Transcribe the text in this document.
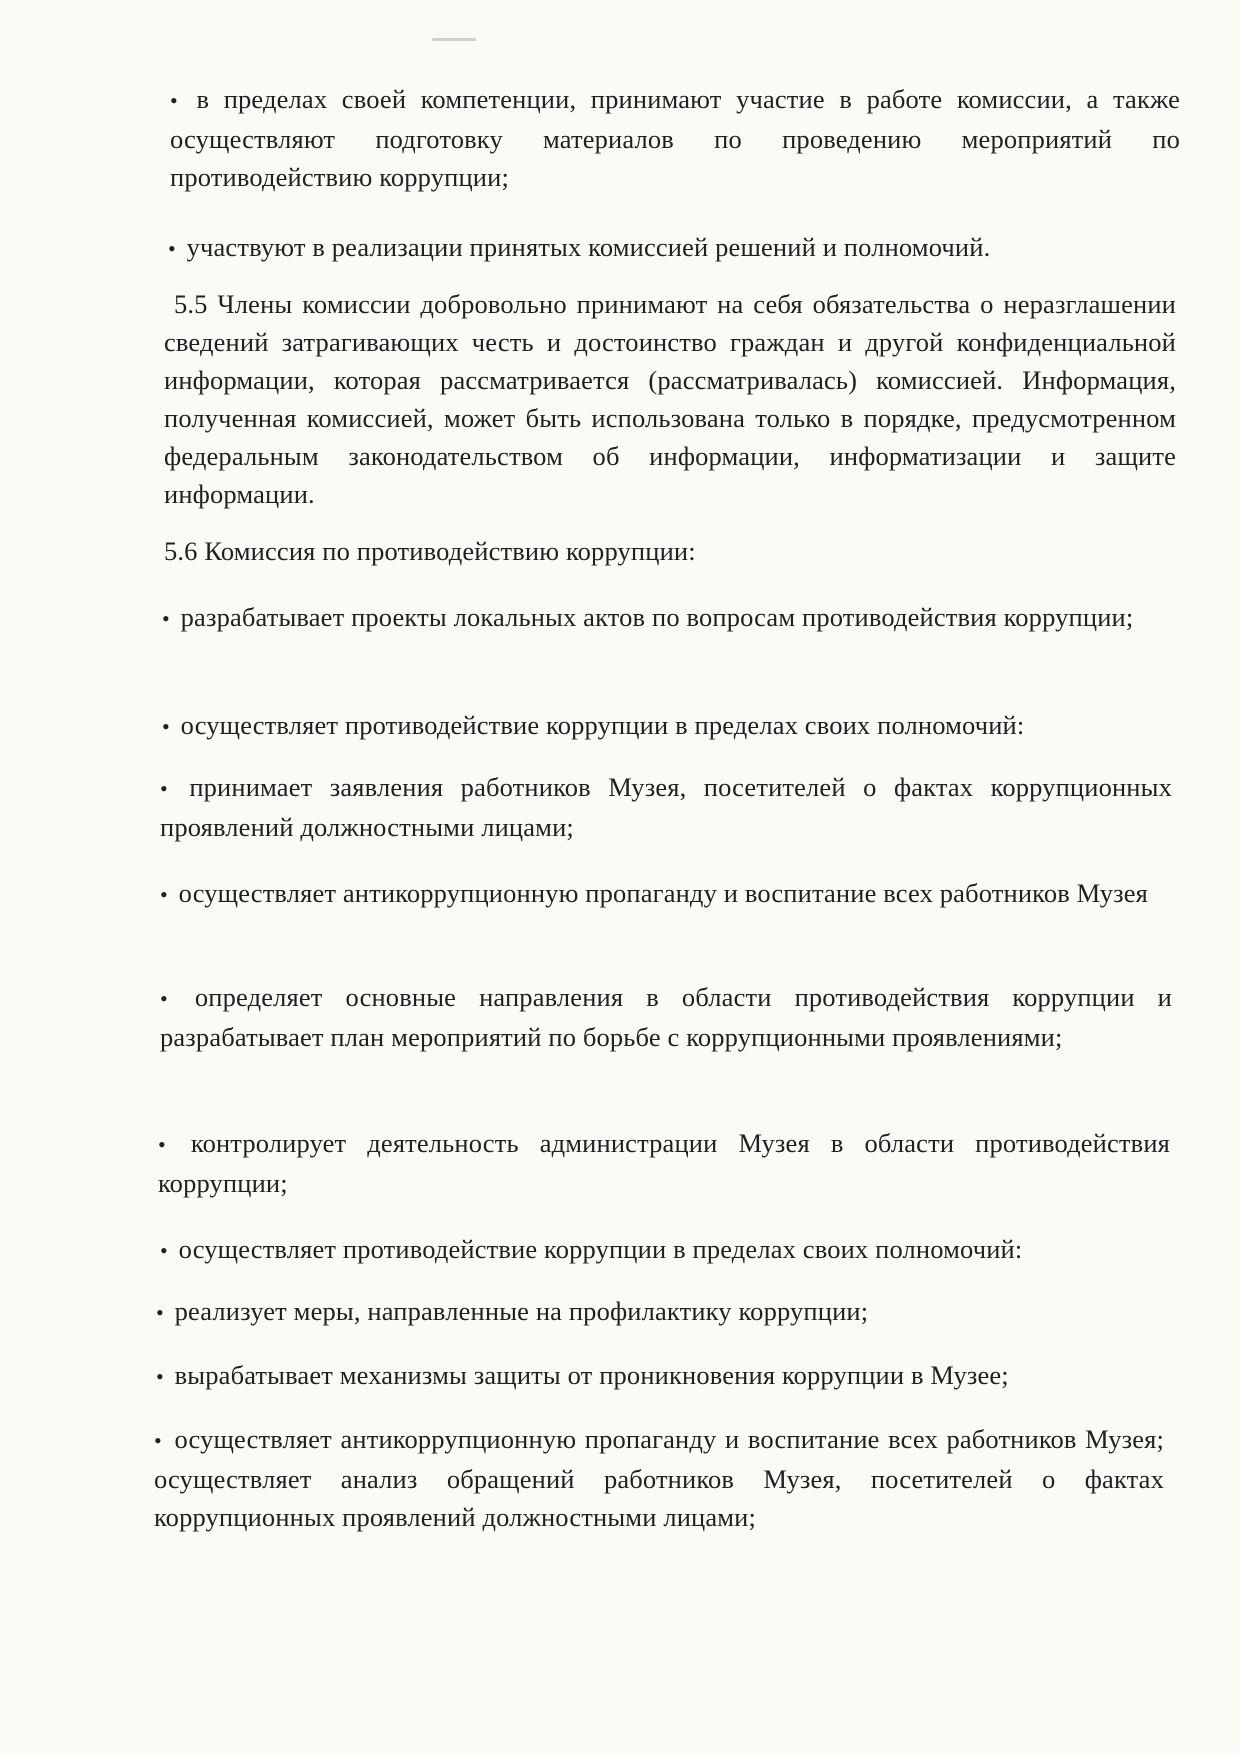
• в пределах своей компетенции, принимают участие в работе комиссии, а также осуществляют подготовку материалов по проведению мероприятий по противодействию коррупции;

• участвуют в реализации принятых комиссией решений и полномочий.

5.5 Члены комиссии добровольно принимают на себя обязательства о неразглашении сведений затрагивающих честь и достоинство граждан и другой конфиденциальной информации, которая рассматривается (рассматривалась) комиссией. Информация, полученная комиссией, может быть использована только в порядке, предусмотренном федеральным законодательством об информации, информатизации и защите информации.

5.6 Комиссия по противодействию коррупции:

• разрабатывает проекты локальных актов по вопросам противодействия коррупции;

• осуществляет противодействие коррупции в пределах своих полномочий:

• принимает заявления работников Музея, посетителей о фактах коррупционных проявлений должностными лицами;

• осуществляет антикоррупционную пропаганду и воспитание всех работников Музея

• определяет основные направления в области противодействия коррупции и разрабатывает план мероприятий по борьбе с коррупционными проявлениями;

• контролирует деятельность администрации Музея в области противодействия коррупции;

• осуществляет противодействие коррупции в пределах своих полномочий:

• реализует меры, направленные на профилактику коррупции;

• вырабатывает механизмы защиты от проникновения коррупции в Музее;

• осуществляет антикоррупционную пропаганду и воспитание всех работников Музея; осуществляет анализ обращений работников Музея, посетителей о фактах коррупционных проявлений должностными лицами;
